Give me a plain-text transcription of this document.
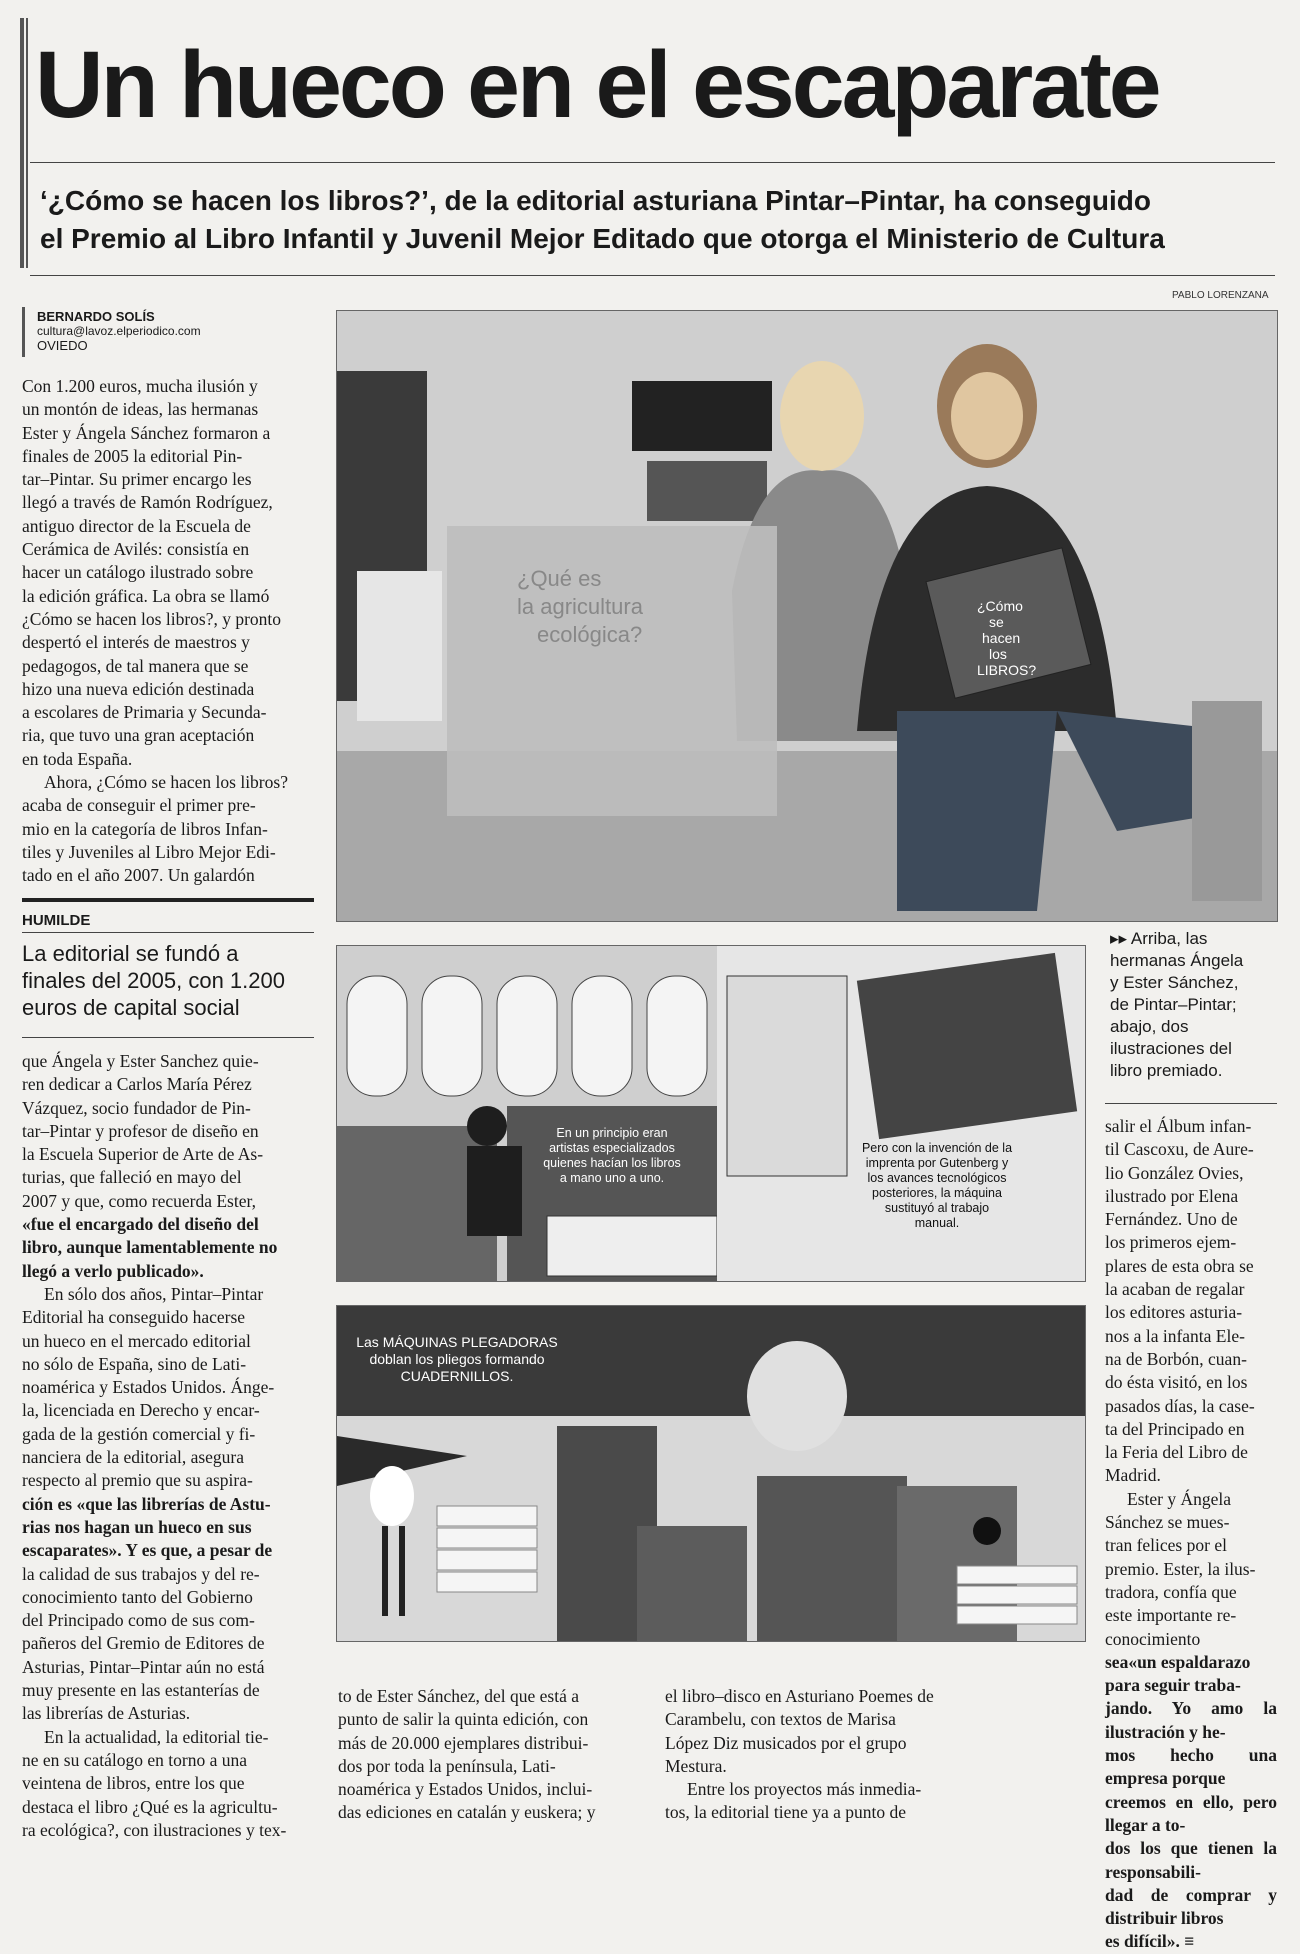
Un hueco en el escaparate
‘¿Cómo se hacen los libros?’, de la editorial asturiana Pintar–Pintar, ha conseguido
el Premio al Libro Infantil y Juvenil Mejor Editado que otorga el Ministerio de Cultura
PABLO LORENZANA
BERNARDO SOLÍS
cultura@lavoz.elperiodico.com
OVIEDO

Con 1.200 euros, mucha ilusión y

un montón de ideas, las hermanas

Ester y Ángela Sánchez formaron a

finales de 2005 la editorial Pin-

tar–Pintar. Su primer encargo les

llegó a través de Ramón Rodríguez,

antiguo director de la Escuela de

Cerámica de Avilés: consistía en

hacer un catálogo ilustrado sobre

la edición gráfica. La obra se llamó

¿Cómo se hacen los libros?, y pronto

despertó el interés de maestros y

pedagogos, de tal manera que se

hizo una nueva edición destinada

a escolares de Primaria y Secunda-

ria, que tuvo una gran aceptación

en toda España.

Ahora, ¿Cómo se hacen los libros?

acaba de conseguir el primer pre-

mio en la categoría de libros Infan-

tiles y Juveniles al Libro Mejor Edi-

tado en el año 2007. Un galardón

HUMILDE
La editorial se fundó a
finales del 2005, con 1.200
euros de capital social

que Ángela y Ester Sanchez quie-

ren dedicar a Carlos María Pérez

Vázquez, socio fundador de Pin-

tar–Pintar y profesor de diseño en

la Escuela Superior de Arte de As-

turias, que falleció en mayo del

2007 y que, como recuerda Ester,

«fue el encargado del diseño del

libro, aunque lamentablemente no

llegó a verlo publicado».

En sólo dos años, Pintar–Pintar

Editorial ha conseguido hacerse

un hueco en el mercado editorial

no sólo de España, sino de Lati-

noamérica y Estados Unidos. Ánge-

la, licenciada en Derecho y encar-

gada de la gestión comercial y fi-

nanciera de la editorial, asegura

respecto al premio que su aspira-

ción es «que las librerías de Astu-

rias nos hagan un hueco en sus

escaparates». Y es que, a pesar de

la calidad de sus trabajos y del re-

conocimiento tanto del Gobierno

del Principado como de sus com-

pañeros del Gremio de Editores de

Asturias, Pintar–Pintar aún no está

muy presente en las estanterías de

las librerías de Asturias.

En la actualidad, la editorial tie-

ne en su catálogo en torno a una

veintena de libros, entre los que

destaca el libro ¿Qué es la agricultu-

ra ecológica?, con ilustraciones y tex-

¿Cómo se hacen los LIBROS?
¿Qué es la agricultura ecológica?
En un principio eran
artistas especializados
quienes hacían los libros
a mano uno a uno.
Pero con la invención de la
imprenta por Gutenberg y
los avances tecnológicos
posteriores, la máquina
sustituyó al trabajo
manual.
▸▸ Arriba, las
hermanas Ángela
y Ester Sánchez,
de Pintar–Pintar;
abajo, dos
ilustraciones del
libro premiado.
Las MÁQUINAS PLEGADORAS
doblan los pliegos formando
CUADERNILLOS.

to de Ester Sánchez, del que está a

punto de salir la quinta edición, con

más de 20.000 ejemplares distribui-

dos por toda la península, Lati-

noamérica y Estados Unidos, inclui-

das ediciones en catalán y euskera; y

el libro–disco en Asturiano Poemes de

Carambelu, con textos de Marisa

López Diz musicados por el grupo

Mestura.

Entre los proyectos más inmedia-

tos, la editorial tiene ya a punto de

salir el Álbum infan-

til Cascoxu, de Aure-

lio González Ovies,

ilustrado por Elena

Fernández. Uno de

los primeros ejem-

plares de esta obra se

la acaban de regalar

los editores asturia-

nos a la infanta Ele-

na de Borbón, cuan-

do ésta visitó, en los

pasados días, la case-

ta del Principado en

la Feria del Libro de

Madrid.

Ester y Ángela

Sánchez se mues-

tran felices por el

premio. Ester, la ilus-

tradora, confía que

este importante re-

conocimiento

sea«un espaldarazo

para seguir traba-

jando. Yo amo la ilustración y he-

mos hecho una empresa porque

creemos en ello, pero llegar a to-

dos los que tienen la responsabili-

dad de comprar y distribuir libros

es difícil». ≡
